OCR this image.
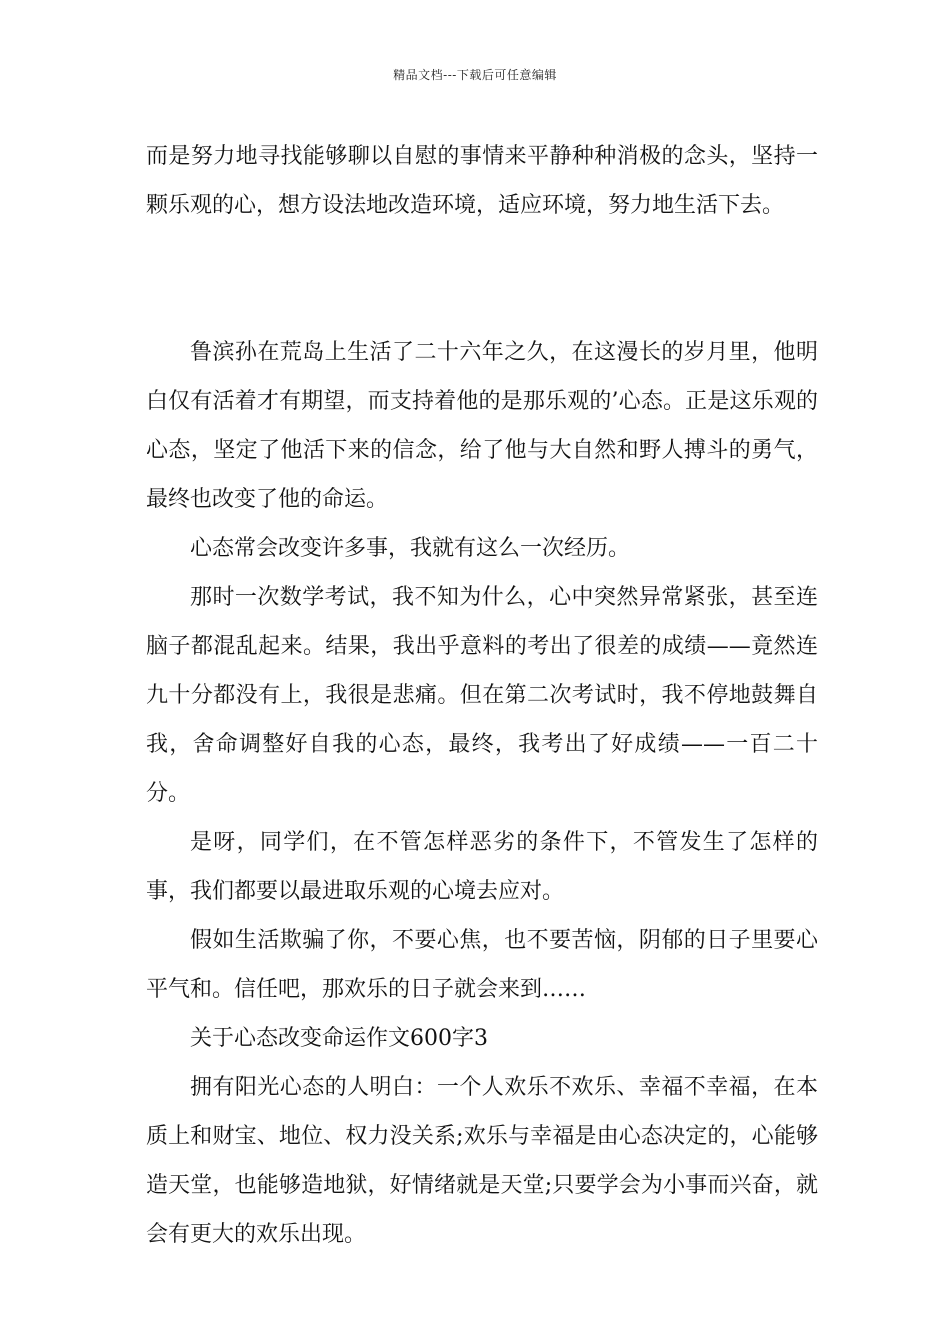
精品文档---下载后可任意编辑

而是努力地寻找能够聊以自慰的事情来平静种种消极的念头，坚持一颗乐观的心，想方设法地改造环境，适应环境，努力地生活下去。

鲁滨孙在荒岛上生活了二十六年之久，在这漫长的岁月里，他明白仅有活着才有期望，而支持着他的是那乐观的’心态。正是这乐观的心态，坚定了他活下来的信念，给了他与大自然和野人搏斗的勇气，最终也改变了他的命运。

心态常会改变许多事，我就有这么一次经历。

那时一次数学考试，我不知为什么，心中突然异常紧张，甚至连脑子都混乱起来。结果，我出乎意料的考出了很差的成绩——竟然连九十分都没有上，我很是悲痛。但在第二次考试时，我不停地鼓舞自我，舍命调整好自我的心态，最终，我考出了好成绩——一百二十分。

是呀，同学们，在不管怎样恶劣的条件下，不管发生了怎样的事，我们都要以最进取乐观的心境去应对。

假如生活欺骗了你，不要心焦，也不要苦恼，阴郁的日子里要心平气和。信任吧，那欢乐的日子就会来到……

关于心态改变命运作文600字3

拥有阳光心态的人明白：一个人欢乐不欢乐、幸福不幸福，在本质上和财宝、地位、权力没关系;欢乐与幸福是由心态决定的，心能够造天堂，也能够造地狱，好情绪就是天堂;只要学会为小事而兴奋，就会有更大的欢乐出现。
